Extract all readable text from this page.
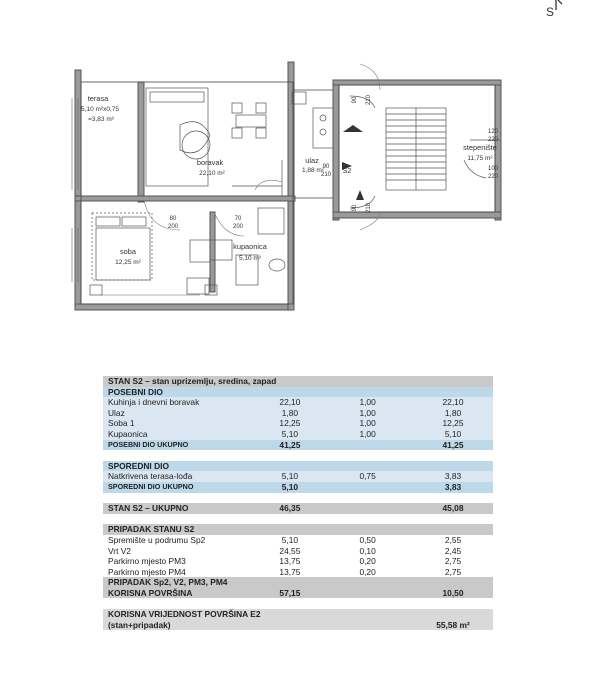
S
terasa
5,10 m²x0,75
=3,83 m²
boravak
22,10 m²
ulaz
1,88 m²
stepenište
11,75 m²
soba
12,25 m²
kupaonica
5,10 m²
90 210
90 210
90
210
80
200
70
200
120
220
100
220
S2
STAN S2 – stan uprizemlju, sredina, zapad			
POSEBNI DIO			
Kuhinja i dnevni boravak	22,10	1,00	22,10
Ulaz	1,80	1,00	1,80
Soba 1	12,25	1,00	12,25
Kupaonica	5,10	1,00	5,10
POSEBNI DIO UKUPNO	41,25		41,25

SPOREDNI DIO			
Natkrivena terasa-lođa	5,10	0,75	3,83
SPOREDNI DIO UKUPNO	5,10		3,83

STAN S2 – UKUPNO	46,35		45,08

PRIPADAK STANU S2			
Spremište u podrumu Sp2	5,10	0,50	2,55
Vrt V2	24,55	0,10	2,45
Parkirno mjesto PM3	13,75	0,20	2,75
Parkirno mjesto PM4	13,75	0,20	2,75
PRIPADAK Sp2, V2, PM3, PM4			
KORISNA POVRŠINA	57,15		10,50

KORISNA VRIJEDNOST POVRŠINA E2			
(stan+pripadak)			55,58 m²
